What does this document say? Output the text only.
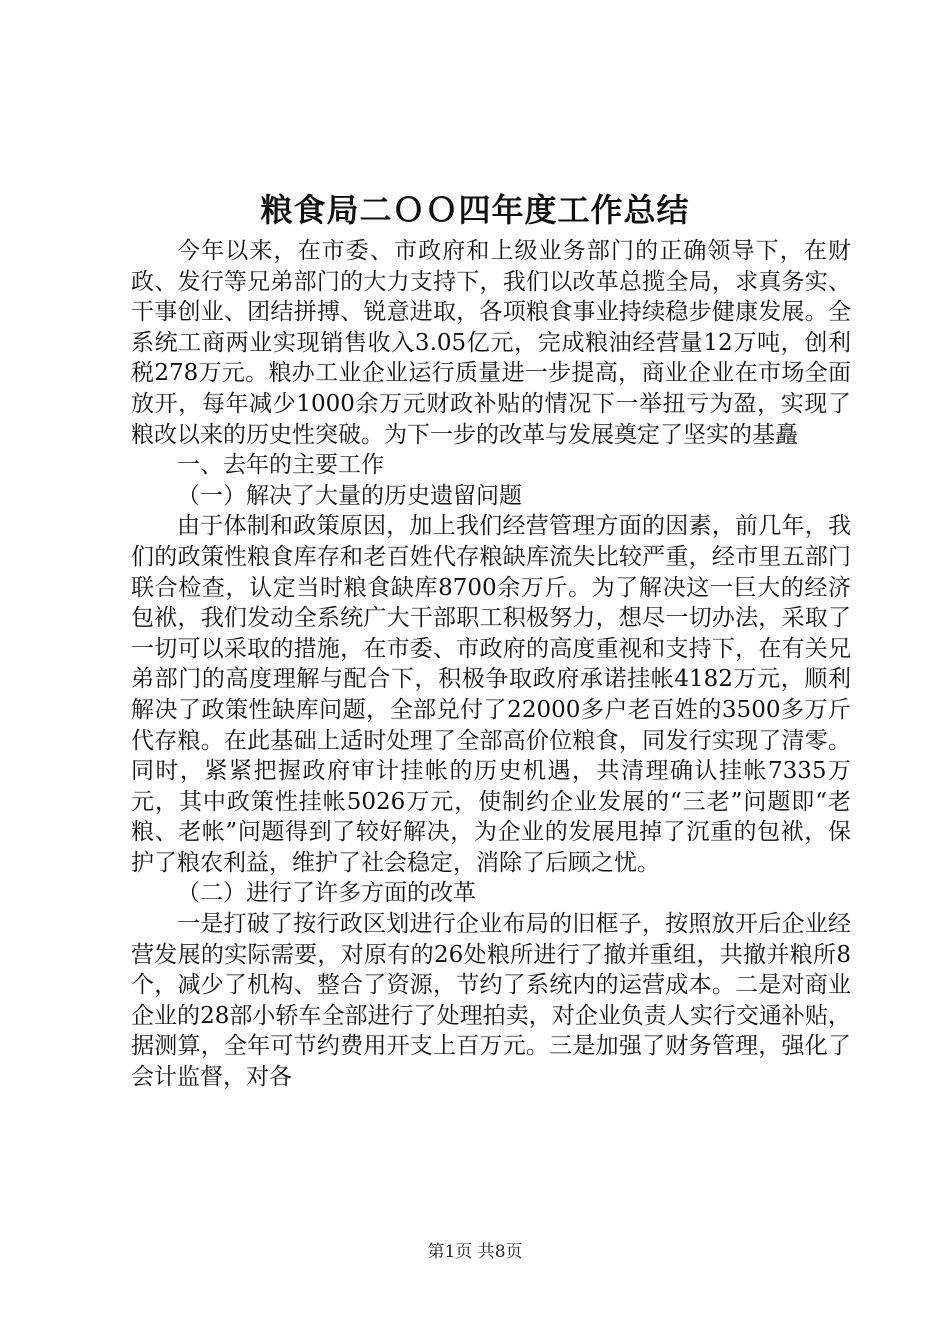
粮食局二ＯＯ四年度工作总结

今年以来，在市委、市政府和上级业务部门的正确领导下，在财政、发行等兄弟部门的大力支持下，我们以改革总揽全局，求真务实、干事创业、团结拼搏、锐意进取，各项粮食事业持续稳步健康发展。全系统工商两业实现销售收入3.05亿元，完成粮油经营量12万吨，创利税278万元。粮办工业企业运行质量进一步提高，商业企业在市场全面放开，每年减少1000余万元财政补贴的情况下一举扭亏为盈，实现了粮改以来的历史性突破。为下一步的改革与发展奠定了坚实的基矗

一、去年的主要工作

（一）解决了大量的历史遗留问题

由于体制和政策原因，加上我们经营管理方面的因素，前几年，我们的政策性粮食库存和老百姓代存粮缺库流失比较严重，经市里五部门联合检查，认定当时粮食缺库8700余万斤。为了解决这一巨大的经济包袱，我们发动全系统广大干部职工积极努力，想尽一切办法，采取了一切可以采取的措施，在市委、市政府的高度重视和支持下，在有关兄弟部门的高度理解与配合下，积极争取政府承诺挂帐4182万元，顺利解决了政策性缺库问题，全部兑付了22000多户老百姓的3500多万斤代存粮。在此基础上适时处理了全部高价位粮食，同发行实现了清零。同时，紧紧把握政府审计挂帐的历史机遇，共清理确认挂帐7335万元，其中政策性挂帐5026万元，使制约企业发展的“三老”问题即“老粮、老帐”问题得到了较好解决，为企业的发展甩掉了沉重的包袱，保护了粮农利益，维护了社会稳定，消除了后顾之忧。

（二）进行了许多方面的改革

一是打破了按行政区划进行企业布局的旧框子，按照放开后企业经营发展的实际需要，对原有的26处粮所进行了撤并重组，共撤并粮所8个，减少了机构、整合了资源，节约了系统内的运营成本。二是对商业企业的28部小轿车全部进行了处理拍卖，对企业负责人实行交通补贴，据测算，全年可节约费用开支上百万元。三是加强了财务管理，强化了会计监督，对各

第1页 共8页
